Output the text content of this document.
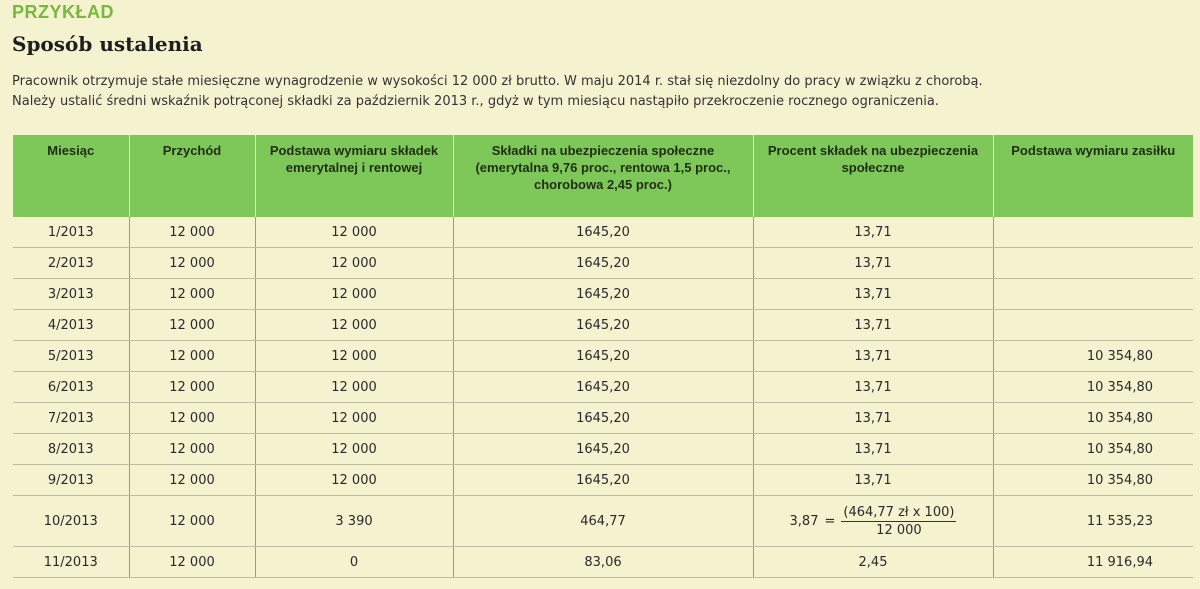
PRZYKŁAD
Sposób ustalenia

Pracownik otrzymuje stałe miesięczne wynagrodzenie w wysokości 12 000 zł brutto. W maju 2014 r. stał się niezdolny do pracy w związku z chorobą.

Należy ustalić średni wskaźnik potrąconej składki za październik 2013 r., gdyż w tym miesiącu nastąpiło przekroczenie rocznego ograniczenia.

Miesiąc	Przychód	Podstawa wymiaru składek emerytalnej i rentowej	Składki na ubezpieczenia społeczne (emerytalna 9,76 proc., rentowa 1,5 proc., chorobowa 2,45 proc.)	Procent składek na ubezpieczenia społeczne	Podstawa wymiaru zasiłku
1/2013	12 000	12 000	1645,20	13,71	
2/2013	12 000	12 000	1645,20	13,71	
3/2013	12 000	12 000	1645,20	13,71	
4/2013	12 000	12 000	1645,20	13,71	
5/2013	12 000	12 000	1645,20	13,71	10 354,80
6/2013	12 000	12 000	1645,20	13,71	10 354,80
7/2013	12 000	12 000	1645,20	13,71	10 354,80
8/2013	12 000	12 000	1645,20	13,71	10 354,80
9/2013	12 000	12 000	1645,20	13,71	10 354,80
10/2013	12 000	3 390	464,77	$3,87 = \frac{\text{(464,77 zł x 100)}}{12 000}$	11 535,23
11/2013	12 000	0	83,06	2,45	11 916,94
